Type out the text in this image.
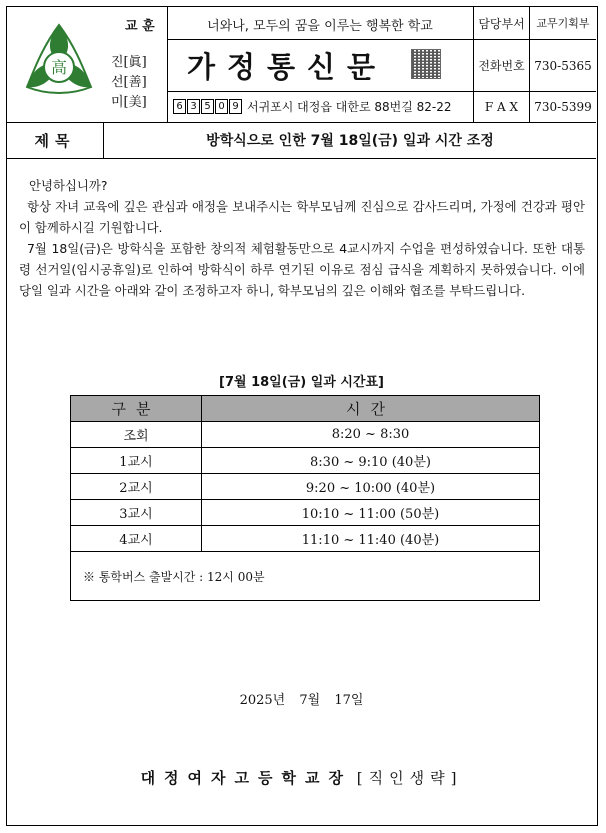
高
교 훈
진[眞]
선[善]
미[美]
너와나, 모두의 꿈을 이루는 행복한 학교
가정통신문
6 3 5 0 9 서귀포시 대정읍 대한로 88번길 82-22
담당부서	교무기획부
전화번호 730-5365
F A X	730-5399
제목	방학식으로 인한 7월 18일(금) 일과 시간 조정

안녕하십니까?

항상 자녀 교육에 깊은 관심과 애정을 보내주시는 학부모님께 진심으로 감사드리며, 가정에 건강과 평안이 함께하시길 기원합니다.

7월 18일(금)은 방학식을 포함한 창의적 체험활동만으로 4교시까지 수업을 편성하였습니다. 또한 대통령 선거일(임시공휴일)로 인하여 방학식이 하루 연기된 이유로 점심 급식을 계획하지 못하였습니다. 이에 당일 일과 시간을 아래와 같이 조정하고자 하니, 학부모님의 깊은 이해와 협조를 부탁드립니다.

[7월 18일(금) 일과 시간표]
구분	시간
조회	8:20 ~ 8:30
1교시	8:30 ~ 9:10 (40분)
2교시	9:20 ~ 10:00 (40분)
3교시	10:10 ~ 11:00 (50분)
4교시	11:10 ~ 11:40 (40분)
※ 통학버스 출발시간 : 12시 00분	
2025년 7월 17일
대정여자고등학교장 [직인생략]
